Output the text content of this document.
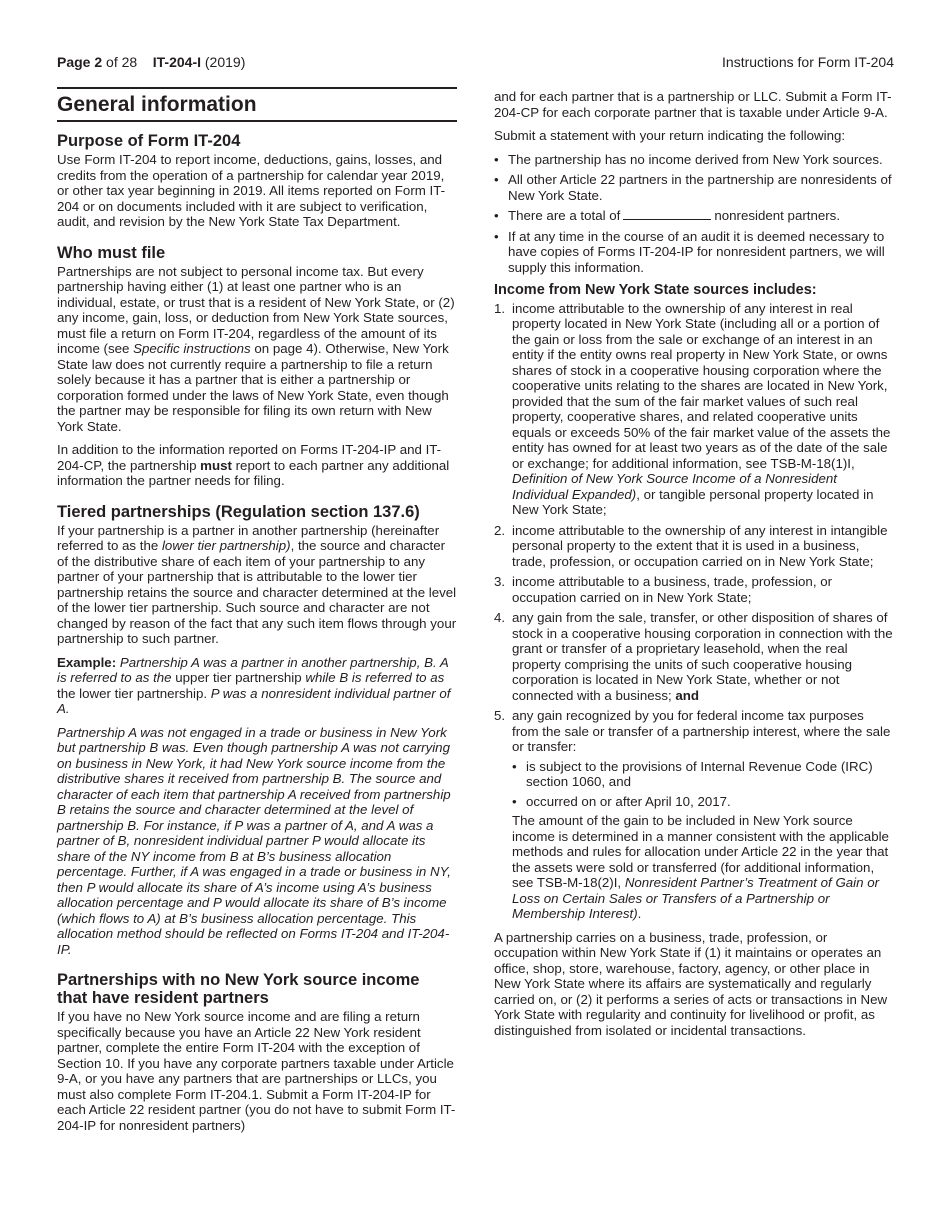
Page 2 of 28 IT-204-I (2019)	Instructions for Form IT-204
General information
Purpose of Form IT-204

Use Form IT-204 to report income, deductions, gains, losses, and credits from the operation of a partnership for calendar year 2019, or other tax year beginning in 2019. All items reported on Form IT-204 or on documents included with it are subject to verification, audit, and revision by the New York State Tax Department.

Who must file

Partnerships are not subject to personal income tax. But every partnership having either (1) at least one partner who is an individual, estate, or trust that is a resident of New York State, or (2) any income, gain, loss, or deduction from New York State sources, must file a return on Form IT-204, regardless of the amount of its income (see Specific instructions on page 4). Otherwise, New York State law does not currently require a partnership to file a return solely because it has a partner that is either a partnership or corporation formed under the laws of New York State, even though the partner may be responsible for filing its own return with New York State.

In addition to the information reported on Forms IT-204-IP and IT-204-CP, the partnership must report to each partner any additional information the partner needs for filing.

Tiered partnerships (Regulation section 137.6)

If your partnership is a partner in another partnership (hereinafter referred to as the lower tier partnership), the source and character of the distributive share of each item of your partnership to any partner of your partnership that is attributable to the lower tier partnership retains the source and character determined at the level of the lower tier partnership. Such source and character are not changed by reason of the fact that any such item flows through your partnership to such partner.

Example: Partnership A was a partner in another partnership, B. A is referred to as the upper tier partnership while B is referred to as the lower tier partnership. P was a nonresident individual partner of A.

Partnership A was not engaged in a trade or business in New York but partnership B was. Even though partnership A was not carrying on business in New York, it had New York source income from the distributive shares it received from partnership B. The source and character of each item that partnership A received from partnership B retains the source and character determined at the level of partnership B. For instance, if P was a partner of A, and A was a partner of B, nonresident individual partner P would allocate its share of the NY income from B at B’s business allocation percentage. Further, if A was engaged in a trade or business in NY, then P would allocate its share of A’s income using A’s business allocation percentage and P would allocate its share of B’s income (which flows to A) at B’s business allocation percentage. This allocation method should be reflected on Forms IT-204 and IT-204-IP.

Partnerships with no New York source income
that have resident partners

If you have no New York source income and are filing a return specifically because you have an Article 22 New York resident partner, complete the entire Form IT-204 with the exception of Section 10. If you have any corporate partners taxable under Article 9-A, or you have any partners that are partnerships or LLCs, you must also complete Form IT-204.1. Submit a Form IT-204-IP for each Article 22 resident partner (you do not have to submit Form IT-204-IP for nonresident partners)

and for each partner that is a partnership or LLC. Submit a Form IT-204-CP for each corporate partner that is taxable under Article 9-A.

Submit a statement with your return indicating the following:

• The partnership has no income derived from New York sources.
• All other Article 22 partners in the partnership are nonresidents of New York State.
• There are a total of	nonresident partners.
• If at any time in the course of an audit it is deemed necessary to have copies of Forms IT-204-IP for nonresident partners, we will supply this information.
Income from New York State sources includes:
1. income attributable to the ownership of any interest in real property located in New York State (including all or a portion of the gain or loss from the sale or exchange of an interest in an entity if the entity owns real property in New York State, or owns shares of stock in a cooperative housing corporation where the cooperative units relating to the shares are located in New York, provided that the sum of the fair market values of such real property, cooperative shares, and related cooperative units equals or exceeds 50% of the fair market value of the assets the entity has owned for at least two years as of the date of the sale or exchange; for additional information, see TSB-M-18(1)I, Definition of New York Source Income of a Nonresident Individual Expanded), or tangible personal property located in New York State;
2. income attributable to the ownership of any interest in intangible personal property to the extent that it is used in a business, trade, profession, or occupation carried on in New York State;
3. income attributable to a business, trade, profession, or occupation carried on in New York State;
4. any gain from the sale, transfer, or other disposition of shares of stock in a cooperative housing corporation in connection with the grant or transfer of a proprietary leasehold, when the real property comprising the units of such cooperative housing corporation is located in New York State, whether or not connected with a business; and
5. any gain recognized by you for federal income tax purposes from the sale or transfer of a partnership interest, where the sale or transfer:
• is subject to the provisions of Internal Revenue Code (IRC) section 1060, and
• occurred on or after April 10, 2017.
The amount of the gain to be included in New York source income is determined in a manner consistent with the applicable methods and rules for allocation under Article 22 in the year that the assets were sold or transferred (for additional information, see TSB-M-18(2)I, Nonresident Partner’s Treatment of Gain or Loss on Certain Sales or Transfers of a Partnership or Membership Interest).

A partnership carries on a business, trade, profession, or occupation within New York State if (1) it maintains or operates an office, shop, store, warehouse, factory, agency, or other place in New York State where its affairs are systematically and regularly carried on, or (2) it performs a series of acts or transactions in New York State with regularity and continuity for livelihood or profit, as distinguished from isolated or incidental transactions.
